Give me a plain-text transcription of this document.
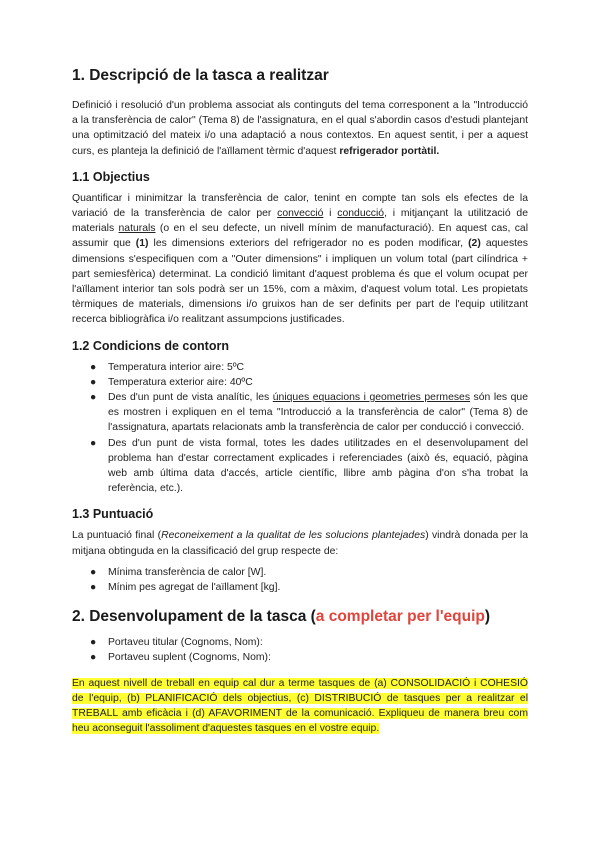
1. Descripció de la tasca a realitzar

Definició i resolució d'un problema associat als continguts del tema corresponent a la "Introducció a la transferència de calor" (Tema 8) de l'assignatura, en el qual s'abordin casos d'estudi plantejant una optimització del mateix i/o una adaptació a nous contextos. En aquest sentit, i per a aquest curs, es planteja la definició de l'aïllament tèrmic d'aquest refrigerador portàtil.

1.1 Objectius

Quantificar i minimitzar la transferència de calor, tenint en compte tan sols els efectes de la variació de la transferència de calor per convecció i conducció, i mitjançant la utilització de materials naturals (o en el seu defecte, un nivell mínim de manufacturació). En aquest cas, cal assumir que (1) les dimensions exteriors del refrigerador no es poden modificar, (2) aquestes dimensions s'especifiquen com a "Outer dimensions" i impliquen un volum total (part cilíndrica + part semiesfèrica) determinat. La condició limitant d'aquest problema és que el volum ocupat per l'aïllament interior tan sols podrà ser un 15%, com a màxim, d'aquest volum total. Les propietats tèrmiques de materials, dimensions i/o gruixos han de ser definits per part de l'equip utilitzant recerca bibliogràfica i/o realitzant assumpcions justificades.

1.2 Condicions de contorn
● Temperatura interior aire: 5ºC
● Temperatura exterior aire: 40ºC
● Des d'un punt de vista analític, les úniques equacions i geometries permeses són les que es mostren i expliquen en el tema "Introducció a la transferència de calor" (Tema 8) de l'assignatura, apartats relacionats amb la transferència de calor per conducció i convecció.
● Des d'un punt de vista formal, totes les dades utilitzades en el desenvolupament del problema han d'estar correctament explicades i referenciades (això és, equació, pàgina web amb última data d'accés, article científic, llibre amb pàgina d'on s'ha trobat la referència, etc.).
1.3 Puntuació

La puntuació final (Reconeixement a la qualitat de les solucions plantejades) vindrà donada per la mitjana obtinguda en la classificació del grup respecte de:

● Mínima transferència de calor [W].
● Mínim pes agregat de l'aïllament [kg].
2. Desenvolupament de la tasca (a completar per l'equip)
● Portaveu titular (Cognoms, Nom):
● Portaveu suplent (Cognoms, Nom):

En aquest nivell de treball en equip cal dur a terme tasques de (a) CONSOLIDACIÓ i COHESIÓ de l'equip, (b) PLANIFICACIÓ dels objectius, (c) DISTRIBUCIÓ de tasques per a realitzar el TREBALL amb eficàcia i (d) AFAVORIMENT de la comunicació. Expliqueu de manera breu com heu aconseguit l'assoliment d'aquestes tasques en el vostre equip.
